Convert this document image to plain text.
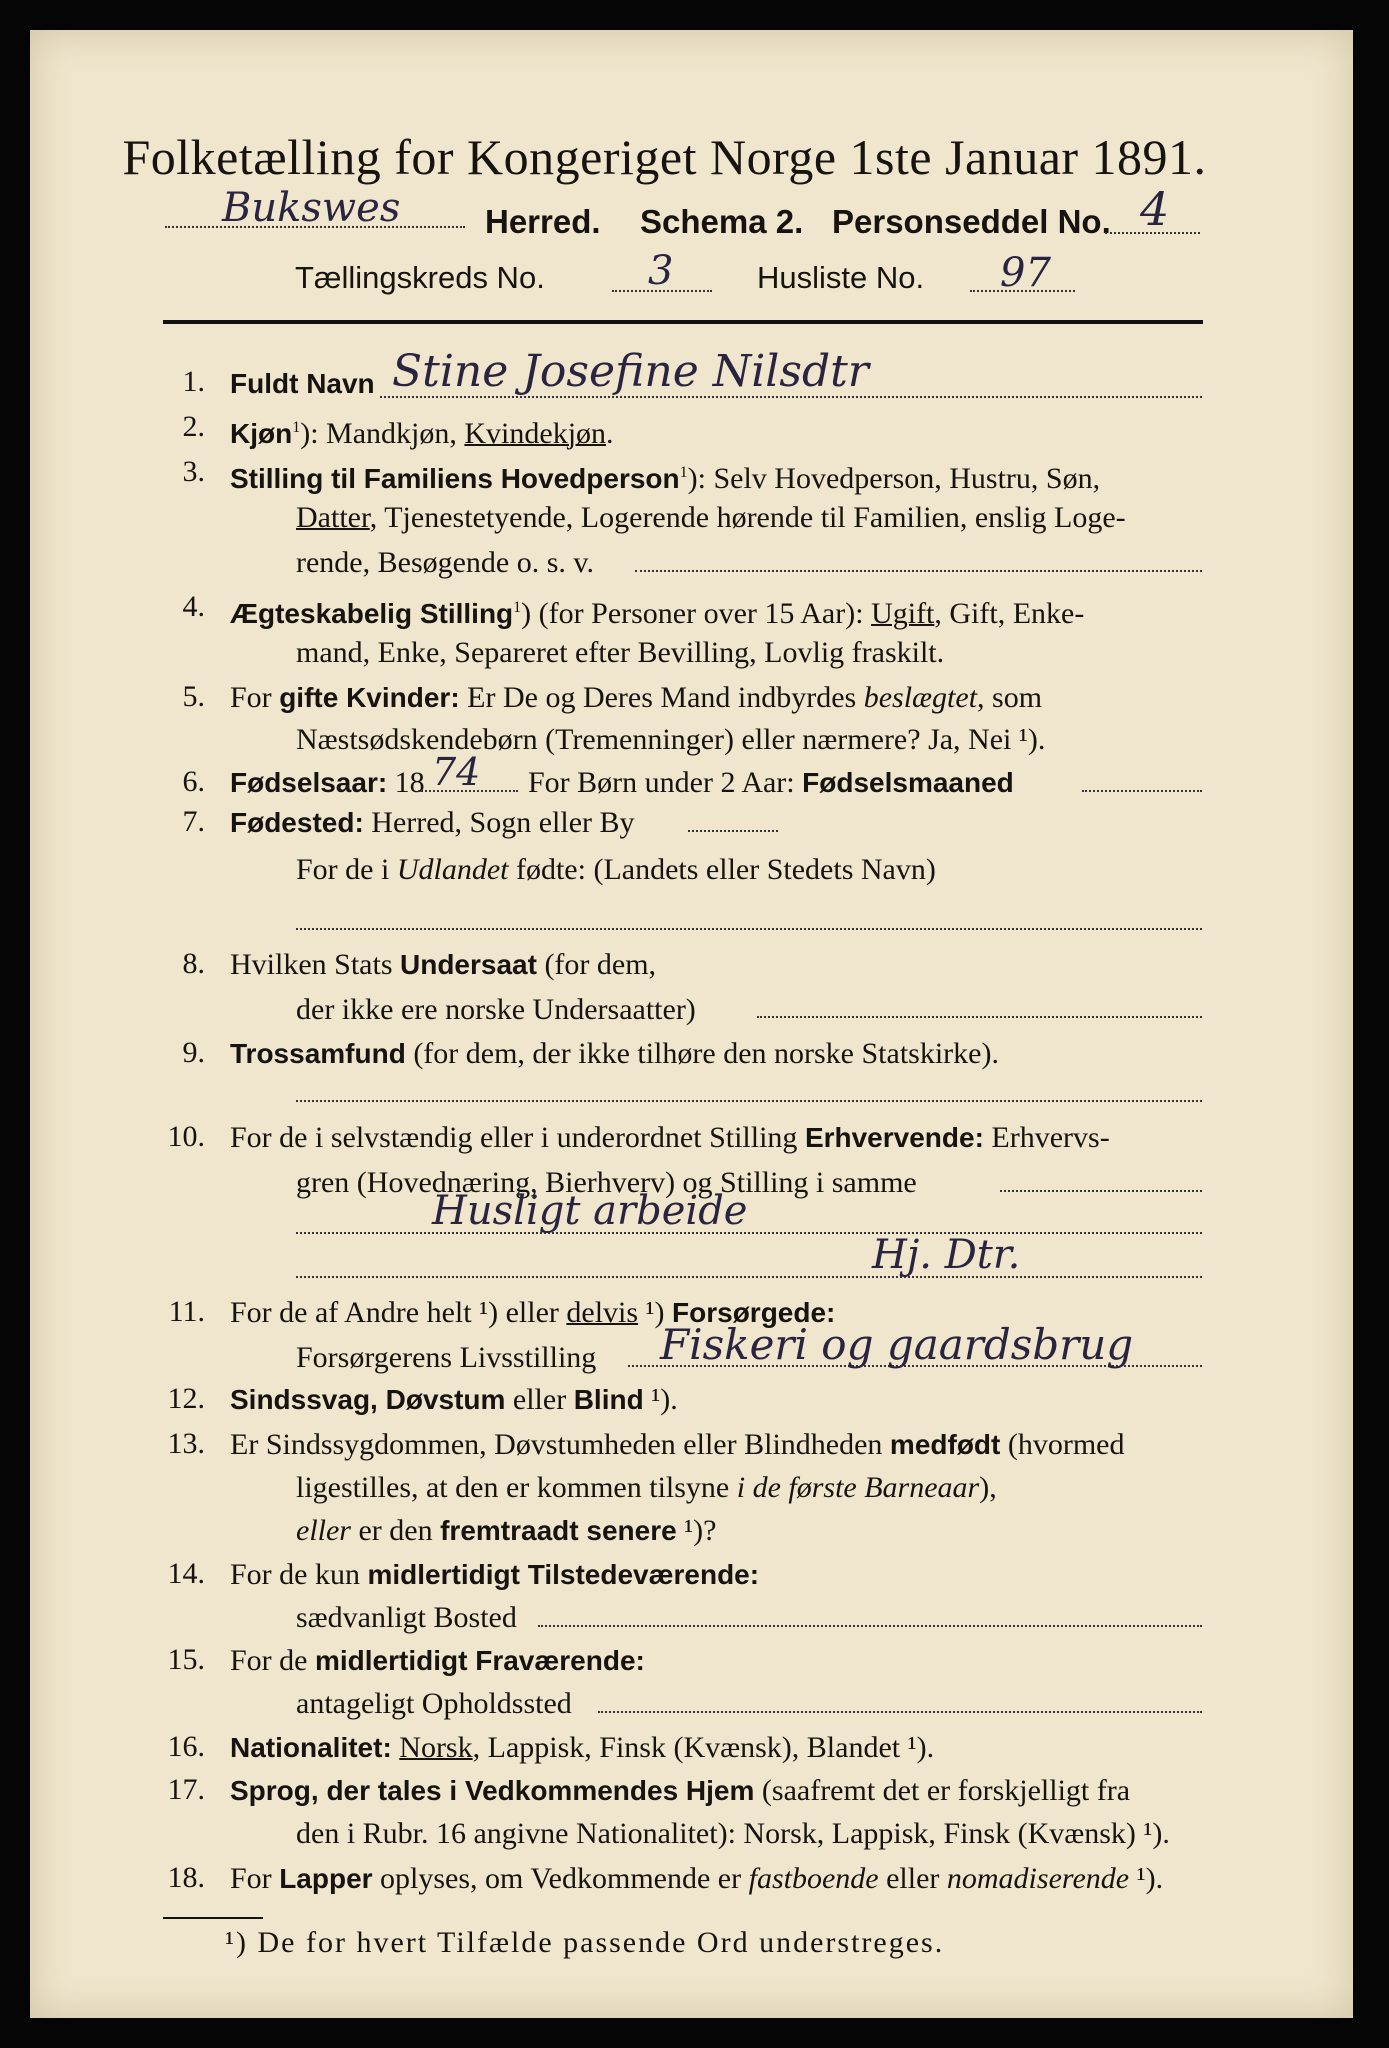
Folketælling for Kongeriget Norge 1ste Januar 1891.
Bukswes	Herred. Schema 2. Personseddel No. 4
Tællingskreds No.	3	Husliste No. 97
1. Fuldt Navn Stine Josefine Nilsdtr
2. Kjøn$^1$): Mandkjøn, Kvindekjøn.
3. Stilling til Familiens Hovedperson$^1$): Selv Hovedperson, Hustru, Søn,
Datter, Tjenestetyende, Logerende hørende til Familien, enslig Loge-
rende, Besøgende o. s. v.
4. Ægteskabelig Stilling$^1$) (for Personer over 15 Aar): Ugift, Gift, Enke-
mand, Enke, Separeret efter Bevilling, Lovlig fraskilt.
5. For gifte Kvinder: Er De og Deres Mand indbyrdes beslægtet, som
Næstsødskendebørn (Tremenninger) eller nærmere? Ja, Nei ¹).
6. Fødselsaar: 18 74 For Børn under 2 Aar: Fødselsmaaned
7. Fødested: Herred, Sogn eller By
For de i Udlandet fødte: (Landets eller Stedets Navn)
8. Hvilken Stats Undersaat (for dem,
der ikke ere norske Undersaatter)
9. Trossamfund (for dem, der ikke tilhøre den norske Statskirke).
10. For de i selvstændig eller i underordnet Stilling Erhvervende: Erhvervs-
gren (Hovednæring, Bierhverv) og Stilling i samme
Husligt arbeide
Hj. Dtr.
11. For de af Andre helt ¹) eller delvis ¹) Forsørgede:
Forsørgerens Livsstilling Fiskeri og gaardsbrug
12. Sindssvag, Døvstum eller Blind ¹).
13. Er Sindssygdommen, Døvstumheden eller Blindheden medfødt (hvormed
ligestilles, at den er kommen tilsyne i de første Barneaar),
eller er den fremtraadt senere ¹)?
14. For de kun midlertidigt Tilstedeværende:
sædvanligt Bosted
15. For de midlertidigt Fraværende:
antageligt Opholdssted
16. Nationalitet: Norsk, Lappisk, Finsk (Kvænsk), Blandet ¹).
17. Sprog, der tales i Vedkommendes Hjem (saafremt det er forskjelligt fra
den i Rubr. 16 angivne Nationalitet): Norsk, Lappisk, Finsk (Kvænsk) ¹).
18. For Lapper oplyses, om Vedkommende er fastboende eller nomadiserende ¹).
¹) De for hvert Tilfælde passende Ord understreges.
